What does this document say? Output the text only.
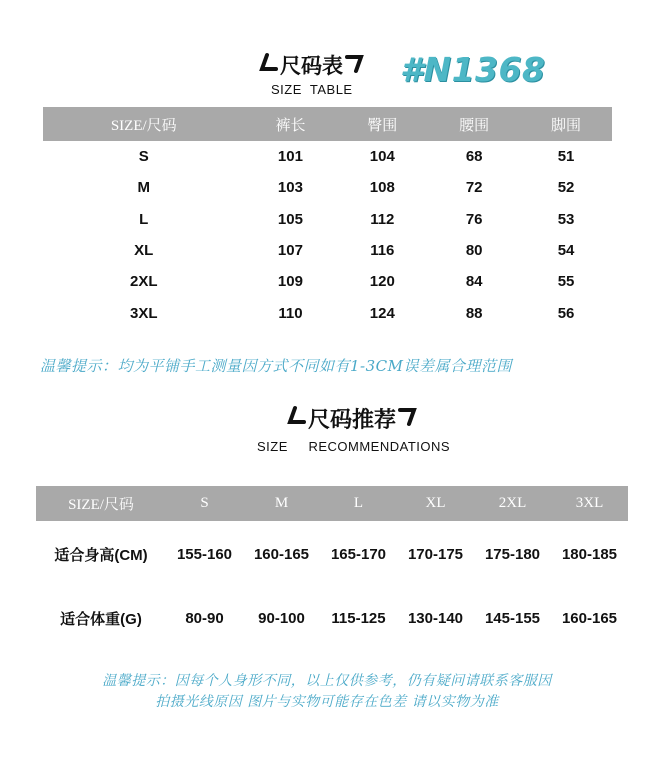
尺码表
SIZE  TABLE
#N1368
SIZE/尺码	裤长	臀围	腰围	脚围
S	101	104	68	51
M	103	108	72	52
L	105	112	76	53
XL	107	116	80	54
2XL	109	120	84	55
3XL	110	124	88	56
温馨提示：均为平铺手工测量因方式不同如有1-3CM误差属合理范围
尺码推荐
SIZE     RECOMMENDATIONS
SIZE/尺码	S	M	L	XL	2XL	3XL
适合身高(CM)	155-160	160-165	165-170	170-175	175-180	180-185
适合体重(G)	80-90	90-100	115-125	130-140	145-155	160-165
温馨提示：因每个人身形不同，以上仅供参考，仍有疑问请联系客服因
拍摄光线原因 图片与实物可能存在色差 请以实物为准
